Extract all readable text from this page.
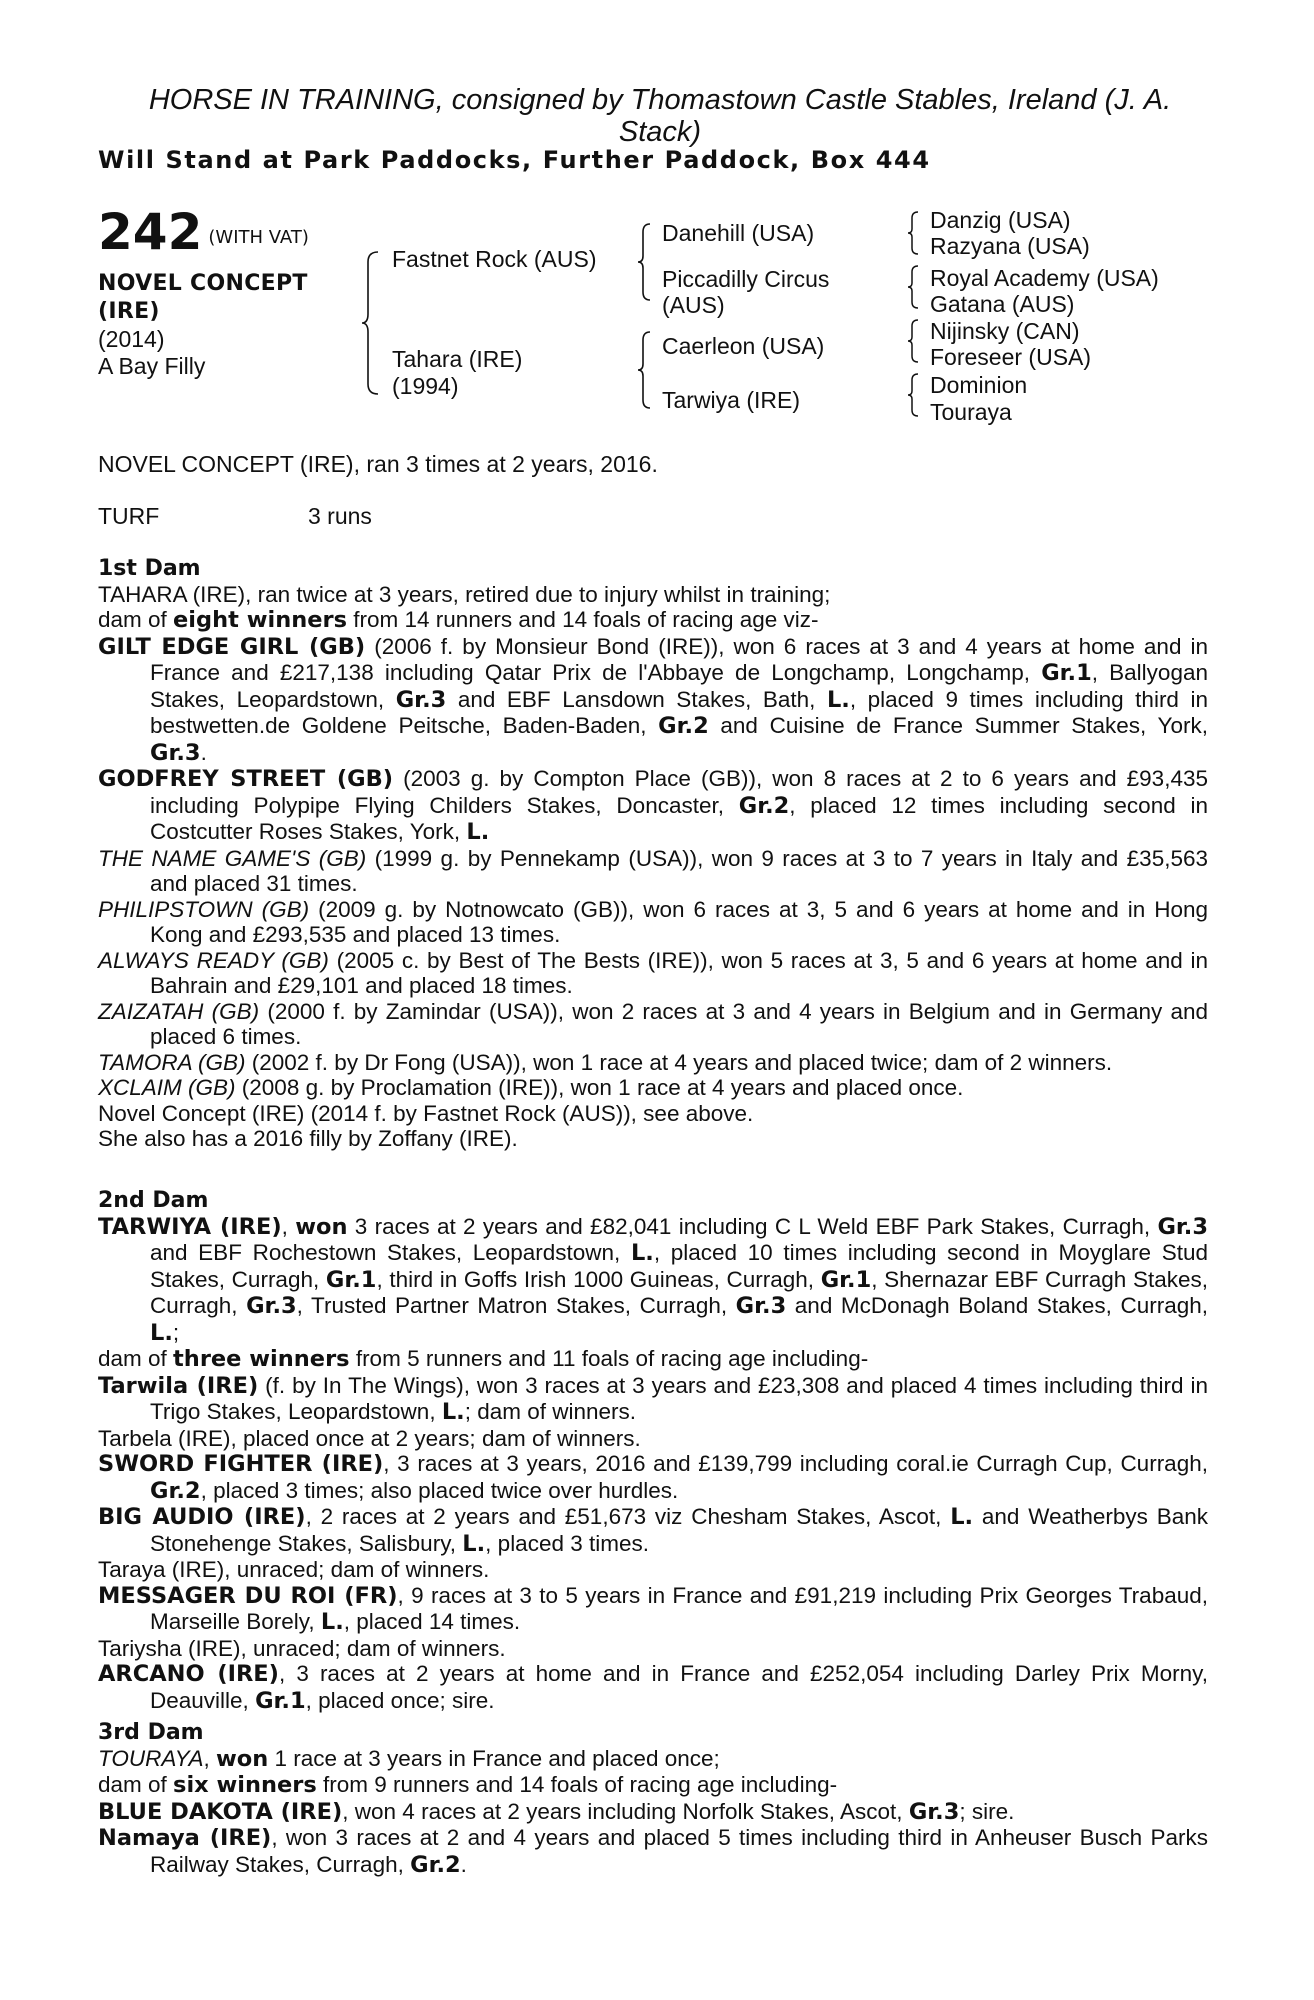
HORSE IN TRAINING, consigned by Thomastown Castle Stables, Ireland (J. A. Stack)
Will Stand at Park Paddocks, Further Paddock, Box 444
242 (WITH VAT)
NOVEL CONCEPT (IRE)
(2014)
A Bay Filly
Fastnet Rock (AUS)
Tahara (IRE)
(1994)
Danehill (USA)
Piccadilly Circus
(AUS)
Caerleon (USA)
Tarwiya (IRE)
Danzig (USA)
Razyana (USA)
Royal Academy (USA)
Gatana (AUS)
Nijinsky (CAN)
Foreseer (USA)
Dominion
Touraya
NOVEL CONCEPT (IRE), ran 3 times at 2 years, 2016.
TURF	3 runs

1st Dam

TAHARA (IRE), ran twice at 3 years, retired due to injury whilst in training;

dam of eight winners from 14 runners and 14 foals of racing age viz-

GILT EDGE GIRL (GB) (2006 f. by Monsieur Bond (IRE)), won 6 races at 3 and 4 years at home and in France and £217,138 including Qatar Prix de l'Abbaye de Longchamp, Longchamp, Gr.1, Ballyogan Stakes, Leopardstown, Gr.3 and EBF Lansdown Stakes, Bath, L., placed 9 times including third in bestwetten.de Goldene Peitsche, Baden-Baden, Gr.2 and Cuisine de France Summer Stakes, York, Gr.3.

GODFREY STREET (GB) (2003 g. by Compton Place (GB)), won 8 races at 2 to 6 years and £93,435 including Polypipe Flying Childers Stakes, Doncaster, Gr.2, placed 12 times including second in Costcutter Roses Stakes, York, L.

THE NAME GAME'S (GB) (1999 g. by Pennekamp (USA)), won 9 races at 3 to 7 years in Italy and £35,563 and placed 31 times.

PHILIPSTOWN (GB) (2009 g. by Notnowcato (GB)), won 6 races at 3, 5 and 6 years at home and in Hong Kong and £293,535 and placed 13 times.

ALWAYS READY (GB) (2005 c. by Best of The Bests (IRE)), won 5 races at 3, 5 and 6 years at home and in Bahrain and £29,101 and placed 18 times.

ZAIZATAH (GB) (2000 f. by Zamindar (USA)), won 2 races at 3 and 4 years in Belgium and in Germany and placed 6 times.

TAMORA (GB) (2002 f. by Dr Fong (USA)), won 1 race at 4 years and placed twice; dam of 2 winners.

XCLAIM (GB) (2008 g. by Proclamation (IRE)), won 1 race at 4 years and placed once.

Novel Concept (IRE) (2014 f. by Fastnet Rock (AUS)), see above.

She also has a 2016 filly by Zoffany (IRE).

2nd Dam

TARWIYA (IRE), won 3 races at 2 years and £82,041 including C L Weld EBF Park Stakes, Curragh, Gr.3 and EBF Rochestown Stakes, Leopardstown, L., placed 10 times including second in Moyglare Stud Stakes, Curragh, Gr.1, third in Goffs Irish 1000 Guineas, Curragh, Gr.1, Shernazar EBF Curragh Stakes, Curragh, Gr.3, Trusted Partner Matron Stakes, Curragh, Gr.3 and McDonagh Boland Stakes, Curragh, L.;

dam of three winners from 5 runners and 11 foals of racing age including-

Tarwila (IRE) (f. by In The Wings), won 3 races at 3 years and £23,308 and placed 4 times including third in Trigo Stakes, Leopardstown, L.; dam of winners.

Tarbela (IRE), placed once at 2 years; dam of winners.

SWORD FIGHTER (IRE), 3 races at 3 years, 2016 and £139,799 including coral.ie Curragh Cup, Curragh, Gr.2, placed 3 times; also placed twice over hurdles.

BIG AUDIO (IRE), 2 races at 2 years and £51,673 viz Chesham Stakes, Ascot, L. and Weatherbys Bank Stonehenge Stakes, Salisbury, L., placed 3 times.

Taraya (IRE), unraced; dam of winners.

MESSAGER DU ROI (FR), 9 races at 3 to 5 years in France and £91,219 including Prix Georges Trabaud, Marseille Borely, L., placed 14 times.

Tariysha (IRE), unraced; dam of winners.

ARCANO (IRE), 3 races at 2 years at home and in France and £252,054 including Darley Prix Morny, Deauville, Gr.1, placed once; sire.

3rd Dam

TOURAYA, won 1 race at 3 years in France and placed once;

dam of six winners from 9 runners and 14 foals of racing age including-

BLUE DAKOTA (IRE), won 4 races at 2 years including Norfolk Stakes, Ascot, Gr.3; sire.

Namaya (IRE), won 3 races at 2 and 4 years and placed 5 times including third in Anheuser Busch Parks Railway Stakes, Curragh, Gr.2.
